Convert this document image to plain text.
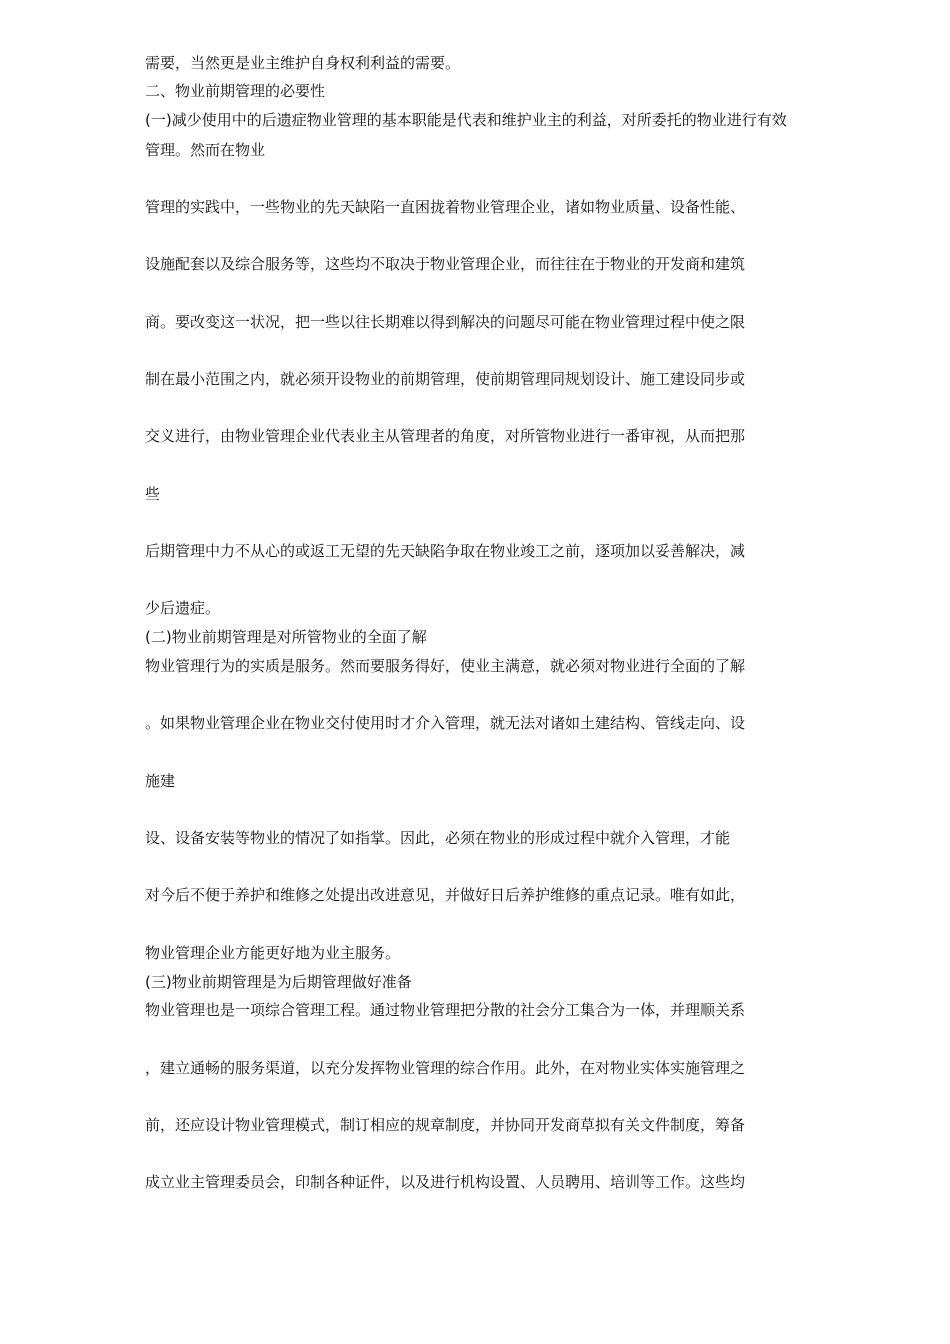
需要，当然更是业主维护自身权利利益的需要。
二、物业前期管理的必要性
(一)减少使用中的后遗症物业管理的基本职能是代表和维护业主的利益，对所委托的物业进行有效
管理。然而在物业
管理的实践中，一些物业的先天缺陷一直困拢着物业管理企业，诸如物业质量、设备性能、
设施配套以及综合服务等，这些均不取决于物业管理企业，而往往在于物业的开发商和建筑
商。要改变这一状况，把一些以往长期难以得到解决的问题尽可能在物业管理过程中使之限
制在最小范围之内，就必须开设物业的前期管理，使前期管理同规划设计、施工建设同步或
交义进行，由物业管理企业代表业主从管理者的角度，对所管物业进行一番审视，从而把那
些
后期管理中力不从心的或返工无望的先天缺陷争取在物业竣工之前，逐项加以妥善解决，减
少后遗症。
(二)物业前期管理是对所管物业的全面了解
物业管理行为的实质是服务。然而要服务得好，使业主满意，就必须对物业进行全面的了解
。如果物业管理企业在物业交付使用时才介入管理，就无法对诸如土建结构、管线走向、设
施建
设、设备安装等物业的情况了如指掌。因此，必须在物业的形成过程中就介入管理，才能
对今后不便于养护和维修之处提出改进意见，并做好日后养护维修的重点记录。唯有如此，
物业管理企业方能更好地为业主服务。
(三)物业前期管理是为后期管理做好准备
物业管理也是一项综合管理工程。通过物业管理把分散的社会分工集合为一体，并理顺关系
，建立通畅的服务渠道，以充分发挥物业管理的综合作用。此外，在对物业实体实施管理之
前，还应设计物业管理模式，制订相应的规章制度，并协同开发商草拟有关文件制度，筹备
成立业主管理委员会，印制各种证件，以及进行机构设置、人员聘用、培训等工作。这些均
